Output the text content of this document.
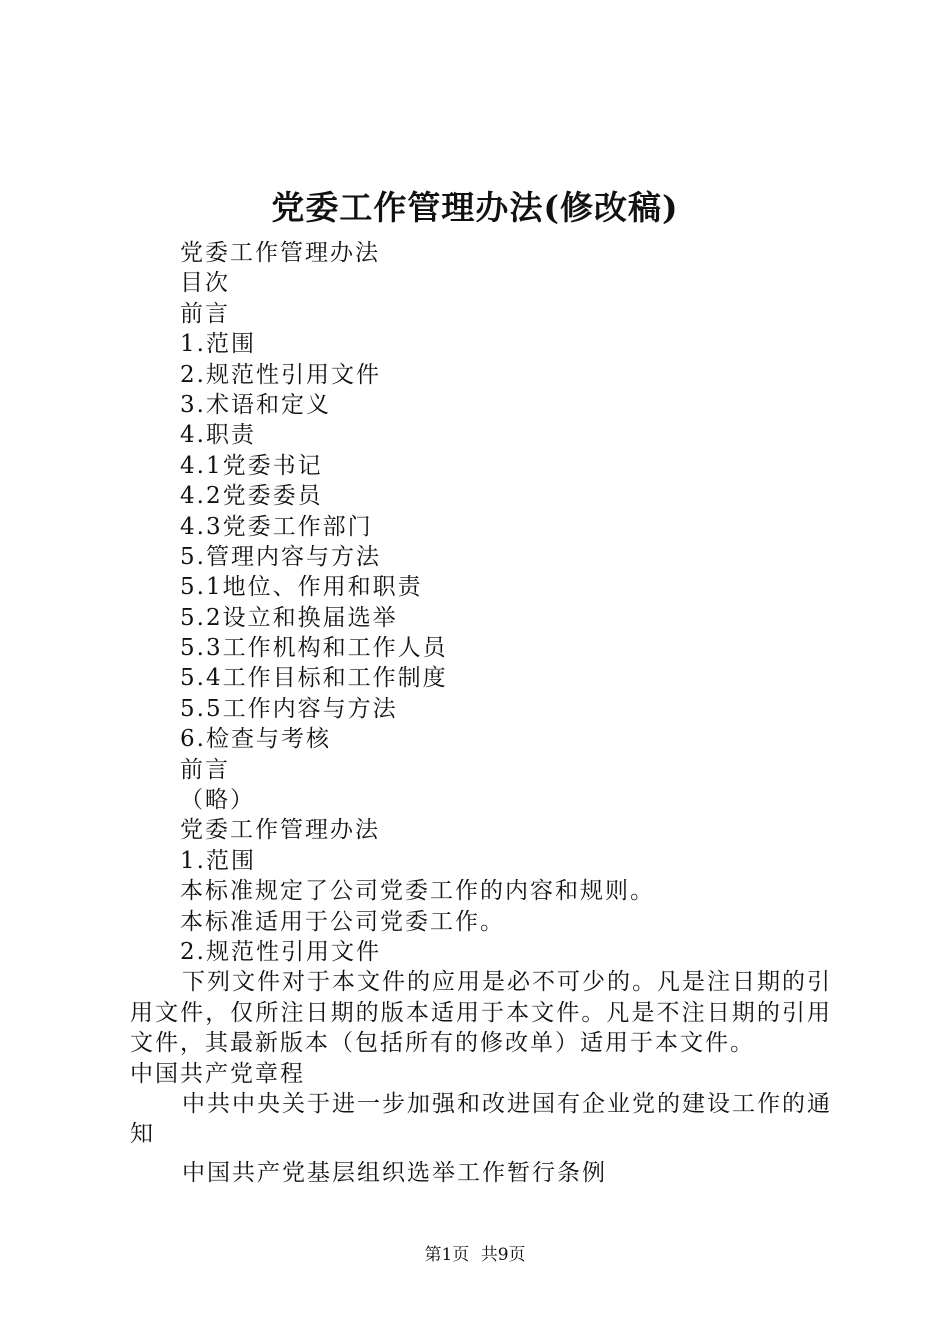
党委工作管理办法(修改稿)
党委工作管理办法
目次
前言
1.范围
2.规范性引用文件
3.术语和定义
4.职责
4.1党委书记
4.2党委委员
4.3党委工作部门
5.管理内容与方法
5.1地位、作用和职责
5.2设立和换届选举
5.3工作机构和工作人员
5.4工作目标和工作制度
5.5工作内容与方法
6.检查与考核
前言
（略）
党委工作管理办法
1.范围
本标准规定了公司党委工作的内容和规则。
本标准适用于公司党委工作。
2.规范性引用文件
下列文件对于本文件的应用是必不可少的。凡是注日期的引用文件，仅所注日期的版本适用于本文件。凡是不注日期的引用文件，其最新版本（包括所有的修改单）适用于本文件。
中国共产党章程
中共中央关于进一步加强和改进国有企业党的建设工作的通知
中国共产党基层组织选举工作暂行条例
第1页 共9页
